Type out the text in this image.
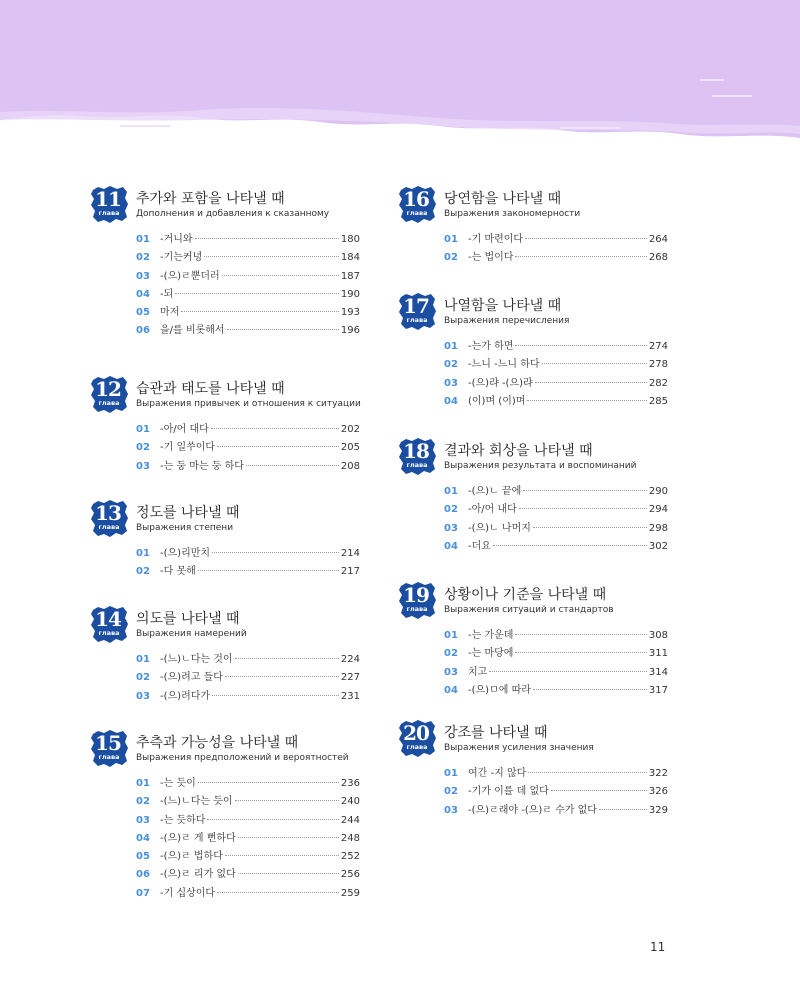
11
глава
추가와 포함을 나타낼 때
Дополнения и добавления к сказанному
01	-거니와	180
02	-기는커녕	184
03	-(으)ㄹ뿐더러	187
04	-되	190
05	마저	193
06	을/를 비롯해서	196
12
глава
습관과 태도를 나타낼 때
Выражения привычек и отношения к ситуации
01	-아/어 대다	202
02	-기 일쑤이다	205
03	-는 둥 마는 둥 하다	208
13
глава
정도를 나타낼 때
Выражения степени
01	-(으)리만치	214
02	-다 못해	217
14
глава
의도를 나타낼 때
Выражения намерений
01	-(느)ㄴ다는 것이	224
02	-(으)려고 들다	227
03	-(으)려다가	231
15
глава
추측과 가능성을 나타낼 때
Выражения предположений и вероятностей
01	-는 듯이	236
02	-(느)ㄴ다는 듯이	240
03	-는 듯하다	244
04	-(으)ㄹ 게 뻔하다	248
05	-(으)ㄹ 법하다	252
06	-(으)ㄹ 리가 없다	256
07	-기 십상이다	259
16
глава
당연함을 나타낼 때
Выражения закономерности
01	-기 마련이다	264
02	-는 법이다	268
17
глава
나열함을 나타낼 때
Выражения перечисления
01	-는가 하면	274
02	-느니 -느니 하다	278
03	-(으)랴 -(으)랴	282
04	(이)며 (이)며	285
18
глава
결과와 회상을 나타낼 때
Выражения результата и воспоминаний
01	-(으)ㄴ 끝에	290
02	-아/어 내다	294
03	-(으)ㄴ 나머지	298
04	-더요	302
19
глава
상황이나 기준을 나타낼 때
Выражения ситуаций и стандартов
01	-는 가운데	308
02	-는 마당에	311
03	치고	314
04	-(으)ㅁ에 따라	317
20
глава
강조를 나타낼 때
Выражения усиления значения
01	여간 -지 않다	322
02	-기가 이를 데 없다	326
03	-(으)ㄹ래야 -(으)ㄹ 수가 없다	329
11
